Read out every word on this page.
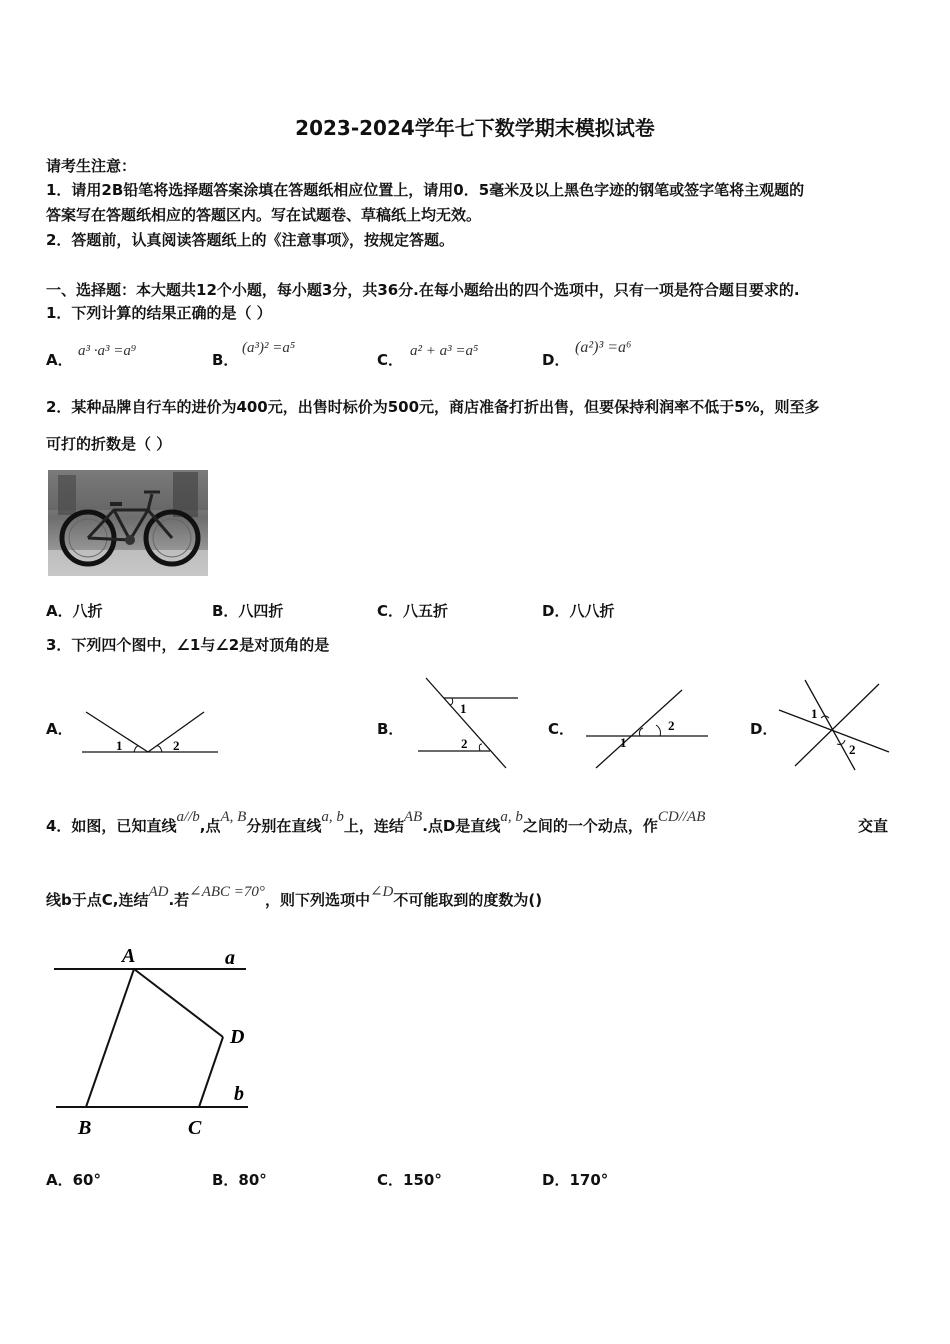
2023-2024学年七下数学期末模拟试卷
请考生注意：
1．请用2B铅笔将选择题答案涂填在答题纸相应位置上，请用0．5毫米及以上黑色字迹的钢笔或签字笔将主观题的
答案写在答题纸相应的答题区内。写在试题卷、草稿纸上均无效。
2．答题前，认真阅读答题纸上的《注意事项》，按规定答题。
一、选择题：本大题共12个小题，每小题3分，共36分.在每小题给出的四个选项中，只有一项是符合题目要求的.
1．下列计算的结果正确的是（ ）
A． a³ ·a³ =a⁹	B．
(a³)² =a⁵
C． a² + a³ =a⁵	D．
(a²)³ =a⁶
2．某种品牌自行车的进价为400元，出售时标价为500元，商店准备打折出售，但要保持利润率不低于5%，则至多
可打的折数是（ ）
A．八折	B．八四折	C．八五折	D．八八折
3．下列四个图中，∠1与∠2是对顶角的是
A．
1	2
B．
1
2
C．
1
2	D．
1
2
4．如图，已知直线a//b,点A, B分别在直线a, b上，连结AB.点D是直线a, b之间的一个动点，作CD//AB	交直
线b于点C,连结AD.若∠ABC =70°，则下列选项中∠D不可能取到的度数为()
A	a
D
b
B	C
A．60°	B．80°	C．150°	D．170°
